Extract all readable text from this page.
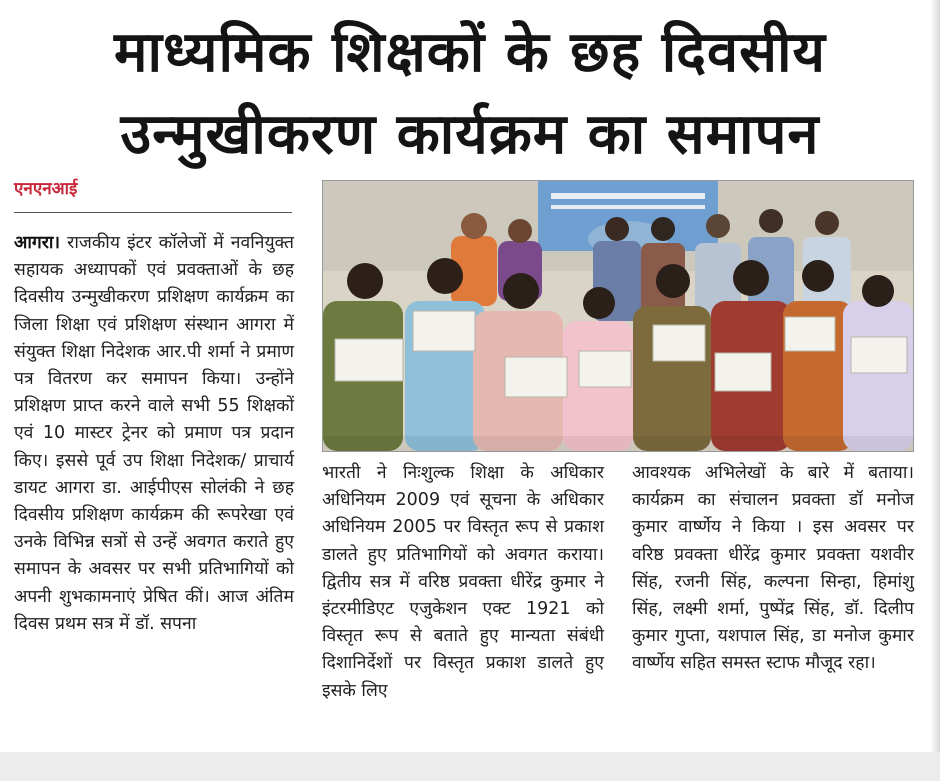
माध्यमिक शिक्षकों के छह दिवसीय
उन्मुखीकरण कार्यक्रम का समापन
एनएनआई
आगरा। राजकीय इंटर कॉलेजों में नवनियुक्त सहायक अध्यापकों एवं प्रवक्ताओं के छह दिवसीय उन्मुखीकरण प्रशिक्षण कार्यक्रम का जिला शिक्षा एवं प्रशिक्षण संस्थान आगरा में संयुक्त शिक्षा निदेशक आर.पी शर्मा ने प्रमाण पत्र वितरण कर समापन किया। उन्होंने प्रशिक्षण प्राप्त करने वाले सभी 55 शिक्षकों एवं 10 मास्टर ट्रेनर को प्रमाण पत्र प्रदान किए। इससे पूर्व उप शिक्षा निदेशक/ प्राचार्य डायट आगरा डा. आईपीएस सोलंकी ने छह दिवसीय प्रशिक्षण कार्यक्रम की रूपरेखा एवं उनके विभिन्न सत्रों से उन्हें अवगत कराते हुए समापन के अवसर पर सभी प्रतिभागियों को अपनी शुभकामनाएं प्रेषित कीं। आज अंतिम दिवस प्रथम सत्र में डॉ. सपना
भारती ने निःशुल्क शिक्षा के अधिकार अधिनियम 2009 एवं सूचना के अधिकार अधिनियम 2005 पर विस्तृत रूप से प्रकाश डालते हुए प्रतिभागियों को अवगत कराया। द्वितीय सत्र में वरिष्ठ प्रवक्ता धीरेंद्र कुमार ने इंटरमीडिएट एजुकेशन एक्ट 1921 को विस्तृत रूप से बताते हुए मान्यता संबंधी दिशानिर्देशों पर विस्तृत प्रकाश डालते हुए इसके लिए
आवश्यक अभिलेखों के बारे में बताया। कार्यक्रम का संचालन प्रवक्ता डॉ मनोज कुमार वार्ष्णेय ने किया । इस अवसर पर वरिष्ठ प्रवक्ता धीरेंद्र कुमार प्रवक्ता यशवीर सिंह, रजनी सिंह, कल्पना सिन्हा, हिमांशु सिंह, लक्ष्मी शर्मा, पुष्पेंद्र सिंह, डॉ. दिलीप कुमार गुप्ता, यशपाल सिंह, डा मनोज कुमार वार्ष्णेय सहित समस्त स्टाफ मौजूद रहा।
